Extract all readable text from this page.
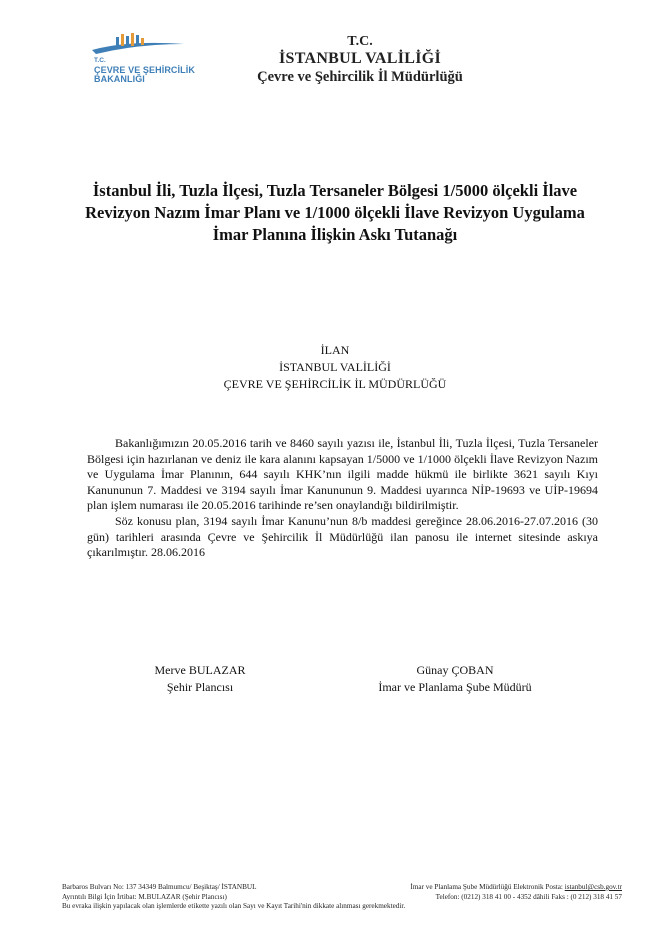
T.C.
ÇEVRE VE ŞEHİRCİLİK
BAKANLIĞI
T.C.
İSTANBUL VALİLİĞİ
Çevre ve Şehircilik İl Müdürlüğü
İstanbul İli, Tuzla İlçesi, Tuzla Tersaneler Bölgesi 1/5000 ölçekli İlave
Revizyon Nazım İmar Planı ve 1/1000 ölçekli İlave Revizyon Uygulama
İmar Planına İlişkin Askı Tutanağı
İLAN
İSTANBUL VALİLİĞİ
ÇEVRE VE ŞEHİRCİLİK İL MÜDÜRLÜĞÜ

Bakanlığımızın 20.05.2016 tarih ve 8460 sayılı yazısı ile, İstanbul İli, Tuzla İlçesi, Tuzla Tersaneler Bölgesi için hazırlanan ve deniz ile kara alanını kapsayan 1/5000 ve 1/1000 ölçekli İlave Revizyon Nazım ve Uygulama İmar Planının, 644 sayılı KHK’nın ilgili madde hükmü ile birlikte 3621 sayılı Kıyı Kanununun 7. Maddesi ve 3194 sayılı İmar Kanununun 9. Maddesi uyarınca NİP-19693 ve UİP-19694 plan işlem numarası ile 20.05.2016 tarihinde re’sen onaylandığı bildirilmiştir.

Söz konusu plan, 3194 sayılı İmar Kanunu’nun 8/b maddesi gereğince 28.06.2016-27.07.2016 (30 gün) tarihleri arasında Çevre ve Şehircilik İl Müdürlüğü ilan panosu ile internet sitesinde askıya çıkarılmıştır. 28.06.2016

Merve BULAZAR
Şehir Plancısı
Günay ÇOBAN
İmar ve Planlama Şube Müdürü
Barbaros Bulvarı No: 137 34349 Balmumcu/ Beşiktaş/ İSTANBUL	İmar ve Planlama Şube Müdürlüğü Elektronik Posta: istanbul@csb.gov.tr
Ayrıntılı Bilgi İçin İrtibat: M.BULAZAR (Şehir Plancısı)	Telefon: (0212) 318 41 00 - 4352 dâhili Faks : (0 212) 318 41 57
Bu evraka ilişkin yapılacak olan işlemlerde etikette yazılı olan Sayı ve Kayıt Tarihi'nin dikkate alınması gerekmektedir.
